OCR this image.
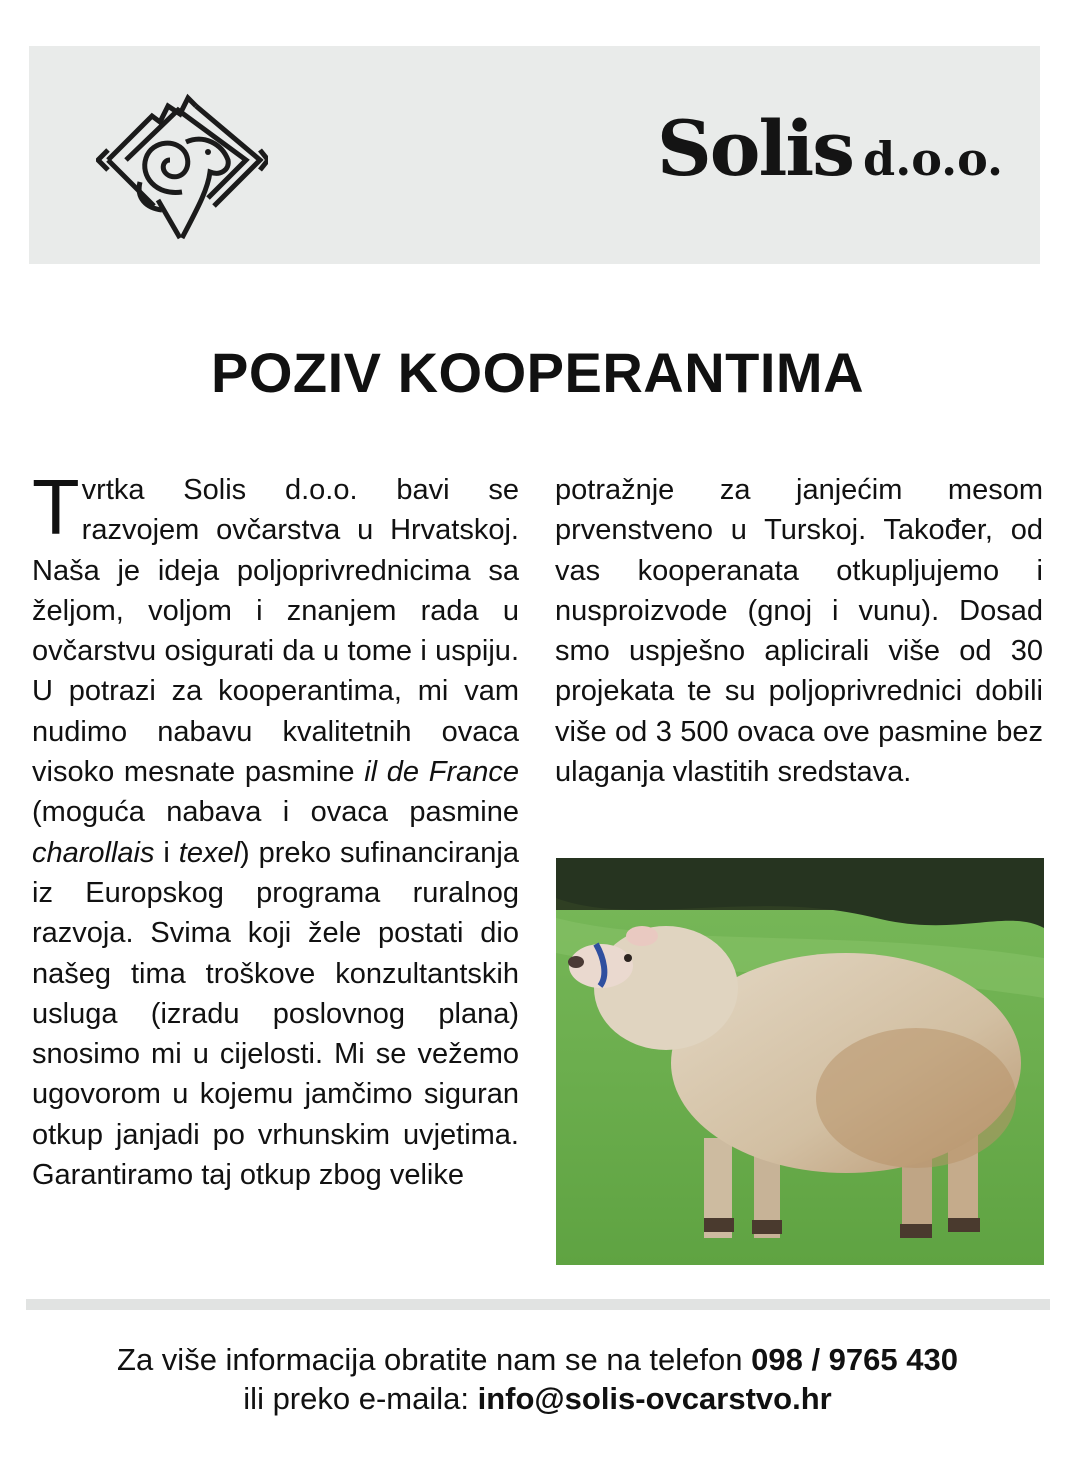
Solis d.o.o.
POZIV KOOPERANTIMA

Tvrtka Solis d.o.o. bavi se razvojem ovčarstva u Hrvatskoj. Naša je ideja poljoprivrednicima sa željom, voljom i znanjem rada u ovčarstvu osigurati da u tome i uspiju. U potrazi za kooperantima, mi vam nudimo nabavu kvalitetnih ovaca visoko mesnate pasmine il de France (moguća nabava i ovaca pasmine charollais i texel) preko sufinanciranja iz Europskog programa ruralnog razvoja. Svima koji žele postati dio našeg tima troškove konzultantskih usluga (izradu poslovnog plana) snosimo mi u cijelosti. Mi se vežemo ugovorom u kojemu jamčimo siguran otkup janjadi po vrhunskim uvjetima. Garantiramo taj otkup zbog velike

potražnje za janjećim mesom prvenstveno u Turskoj. Također, od vas kooperanata otkupljujemo i nusproizvode (gnoj i vunu). Dosad smo uspješno aplicirali više od 30 projekata te su poljoprivrednici dobili više od 3 500 ovaca ove pasmine bez ulaganja vlastitih sredstava.

Za više informacija obratite nam se na telefon 098 / 9765 430
ili preko e-maila: info@solis-ovcarstvo.hr
